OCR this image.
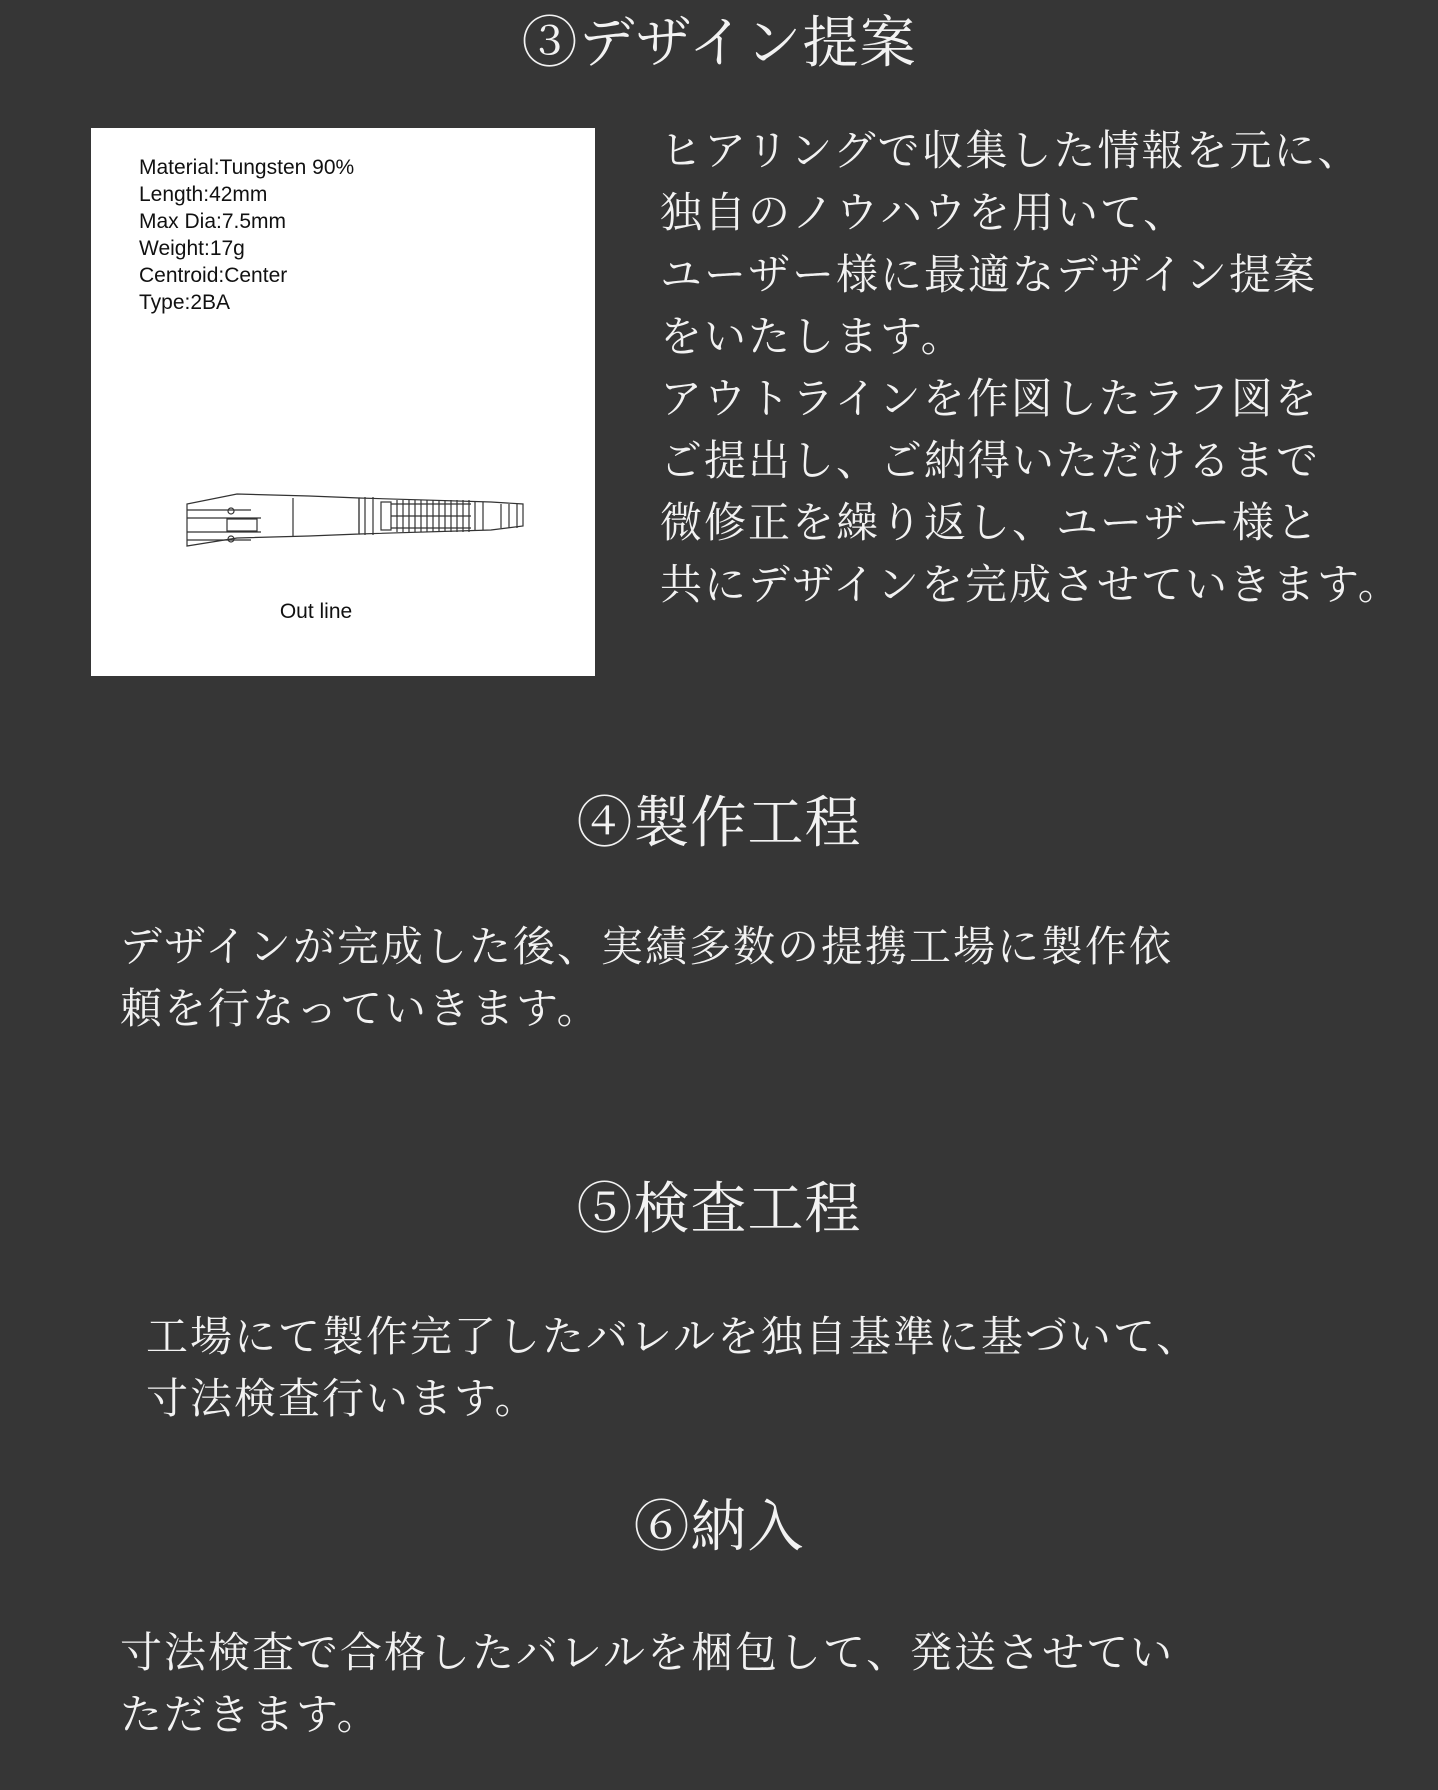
③デザイン提案
Material:Tungsten 90%
Length:42mm
Max Dia:7.5mm
Weight:17g
Centroid:Center
Type:2BA
Out line
ヒアリングで収集した情報を元に、
独自のノウハウを用いて、
ユーザー様に最適なデザイン提案
をいたします。
アウトラインを作図したラフ図を
ご提出し、ご納得いただけるまで
微修正を繰り返し、ユーザー様と
共にデザインを完成させていきます。
④製作工程
デザインが完成した後、実績多数の提携工場に製作依
頼を行なっていきます。
⑤検査工程
工場にて製作完了したバレルを独自基準に基づいて、
寸法検査行います。
⑥納入
寸法検査で合格したバレルを梱包して、発送させてい
ただきます。
